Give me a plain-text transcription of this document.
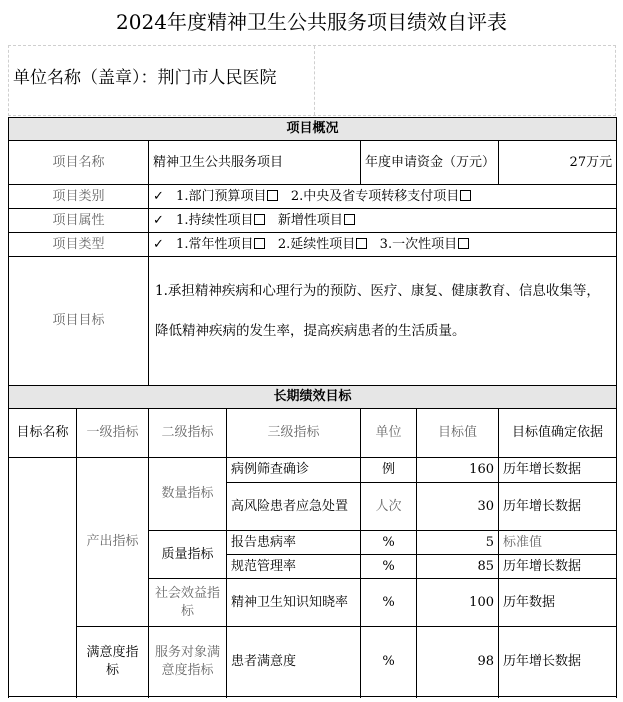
2024年度精神卫生公共服务项目绩效自评表
单位名称（盖章）：荆门市人民医院
项目概况						
项目名称		精神卫生公共服务项目		年度申请资金（万元）		27万元
项目类别		✓ 1.部门预算项目 2.中央及省专项转移支付项目				
项目属性		✓ 1.持续性项目 新增性项目				
项目类型		✓ 1.常年性项目 2.延续性项目 3.一次性项目				
项目目标		1.承担精神疾病和心理行为的预防、医疗、康复、健康教育、信息收集等，降低精神疾病的发生率，提高疾病患者的生活质量。				
长期绩效目标						
目标名称	一级指标	二级指标	三级指标	单位	目标值	目标值确定依据
	产出指标	数量指标	病例筛查确诊	例	160	历年增长数据
			高风险患者应急处置	人次	30	历年增长数据
		质量指标	报告患病率	%	5	标准值
			规范管理率	%	85	历年增长数据
		社会效益指标	精神卫生知识知晓率	%	100	历年数据
	满意度指标	服务对象满意度指标	患者满意度	%	98	历年增长数据
